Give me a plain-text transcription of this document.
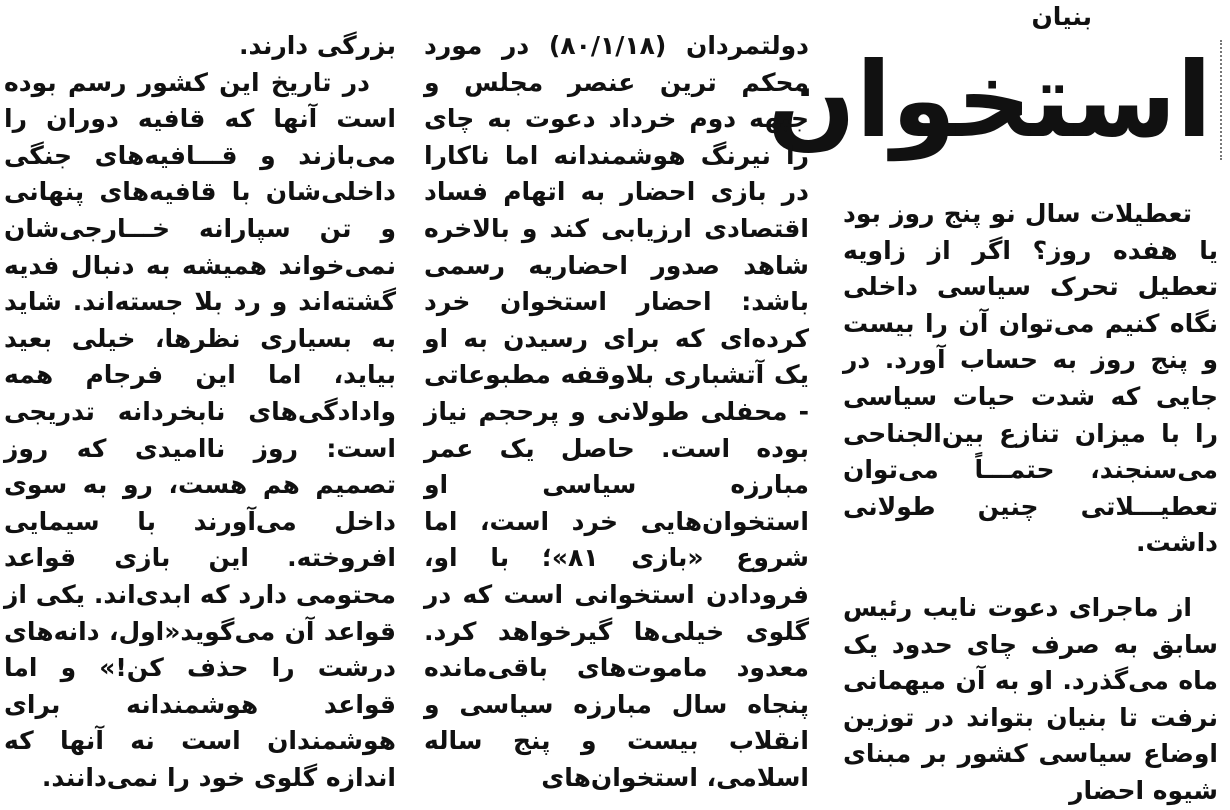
بنیان
استخوان

تعطیلات سال نو پنج روز بود یا هفده روز؟ اگر از زاویه تعطیل تحرک سیاسی داخلی نگاه کنیم می‌توان آن را بیست و پنج روز به حساب آورد. در جایی که شدت حیات سیاسی را با میزان تنازع بین‌الجناحی می‌سنجند، حتمـــاً می‌توان تعطیـــلاتی چنین طولانی داشت.

از ماجرای دعوت نایب رئیس سابق به صرف چای حدود یک ماه می‌گذرد. او به آن میهمانی نرفت تا بنیان بتواند در توزین اوضاع سیاسی کشور بر مبنای شیوه احضار

دولتمردان (۸۰/۱/۱۸) در مورد محکم ترین عنصر مجلس و جبهه دوم خرداد دعوت به چای را نیرنگ هوشمندانه اما ناکارا در بازی احضار به اتهام فساد اقتصادی ارزیابی کند و بالاخره شاهد صدور احضاریه رسمی باشد: احضار استخوان خرد کرده‌ای که برای رسیدن به او یک آتشباری بلاوقفه مطبوعاتی - محفلی طولانی و پرحجم نیاز بوده است. حاصل یک عمر مبارزه سیاسی او استخوان‌هایی خرد است، اما شروع «بازی ۸۱»؛ با او، فرودادن استخوانی است که در گلوی خیلی‌ها گیرخواهد کرد. معدود ماموت‌های باقی‌مانده پنجاه سال مبارزه سیاسی و انقلاب بیست و پنج ساله اسلامی، استخوان‌های

بزرگی دارند.

در تاریخ این کشور رسم بوده است آنها که قافیه دوران را می‌بازند و قـــافیه‌های جنگی داخلی‌شان با قافیه‌های پنهانی و تن سپارانه خـــارجی‌شان نمی‌خواند همیشه به دنبال فدیه گشته‌اند و رد بلا جسته‌اند. شاید به بسیاری نظرها، خیلی بعید بیاید، اما این فرجام همه وادادگی‌های نابخردانه تدریجی است: روز ناامیدی که روز تصمیم هم هست، رو به سوی داخل می‌آورند با سیمایی افروخته. این بازی قواعد محتومی دارد که ابدی‌اند. یکی از قواعد آن می‌گوید«اول، دانه‌های درشت را حذف کن!» و اما قواعد هوشمندانه برای هوشمندان است نه آنها که اندازه گلوی خود را نمی‌دانند.
